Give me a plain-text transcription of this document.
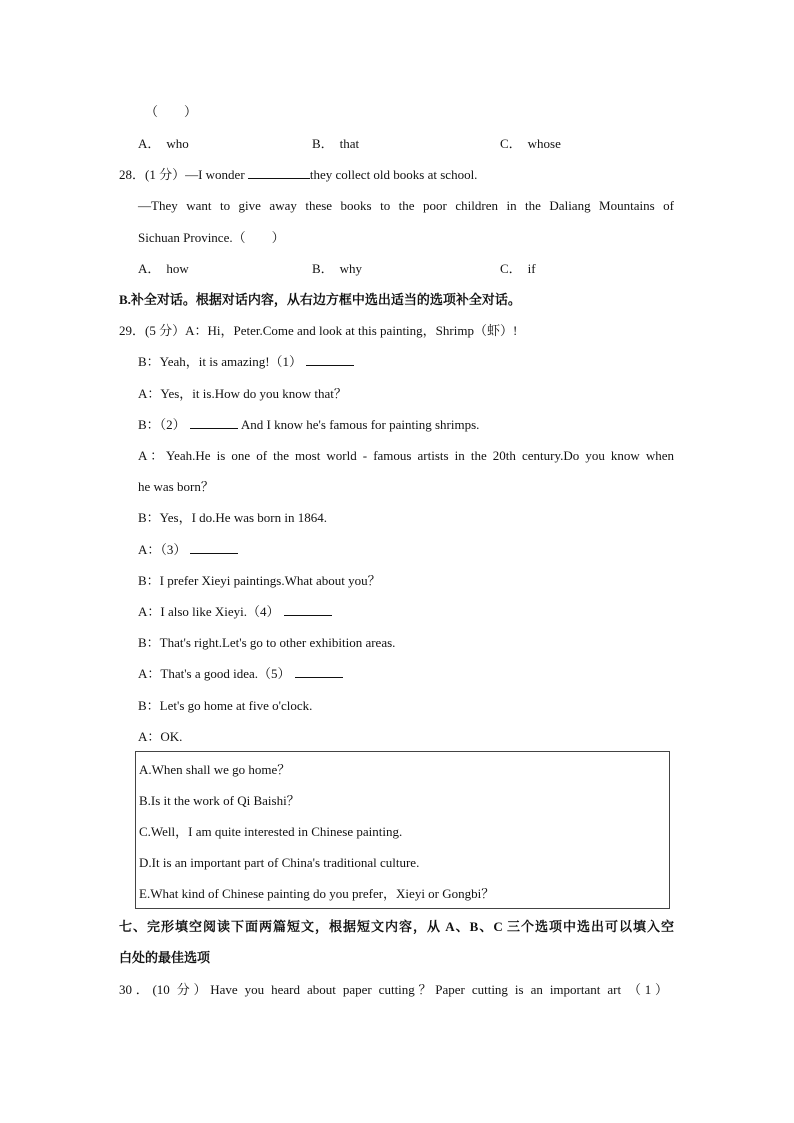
（　　）
A． who	B． that	C． whose
28．(1 分）—I wonder	they collect old books at school.
—They want to give away these books to the poor children in the Daliang Mountains of
Sichuan Province.（　　）
A． how	B． why	C． if
B.补全对话。根据对话内容，从右边方框中选出适当的选项补全对话。
29．(5 分）A：Hi，Peter.Come and look at this painting，Shrimp（虾）!
B：Yeah，it is amazing!（1）
A：Yes，it is.How do you know that？
B：（2）	And I know he's famous for painting shrimps.
A：Yeah.He is one of the most world - famous artists in the 20th century.Do you know when
he was born？
B：Yes，I do.He was born in 1864.
A：（3）
B：I prefer Xieyi paintings.What about you？
A：I also like Xieyi.（4）
B：That's right.Let's go to other exhibition areas.
A：That's a good idea.（5）
B：Let's go home at five o'clock.
A：OK.
A.When shall we go home？
B.Is it the work of Qi Baishi？
C.Well，I am quite interested in Chinese painting.
D.It is an important part of China's traditional culture.
E.What kind of Chinese painting do you prefer，Xieyi or Gongbi？
七、完形填空阅读下面两篇短文，根据短文内容，从 A、B、C 三个选项中选出可以填入空
白处的最佳选项
30．(10 分）Have you heard about paper cutting？Paper cutting is an important art （1）
